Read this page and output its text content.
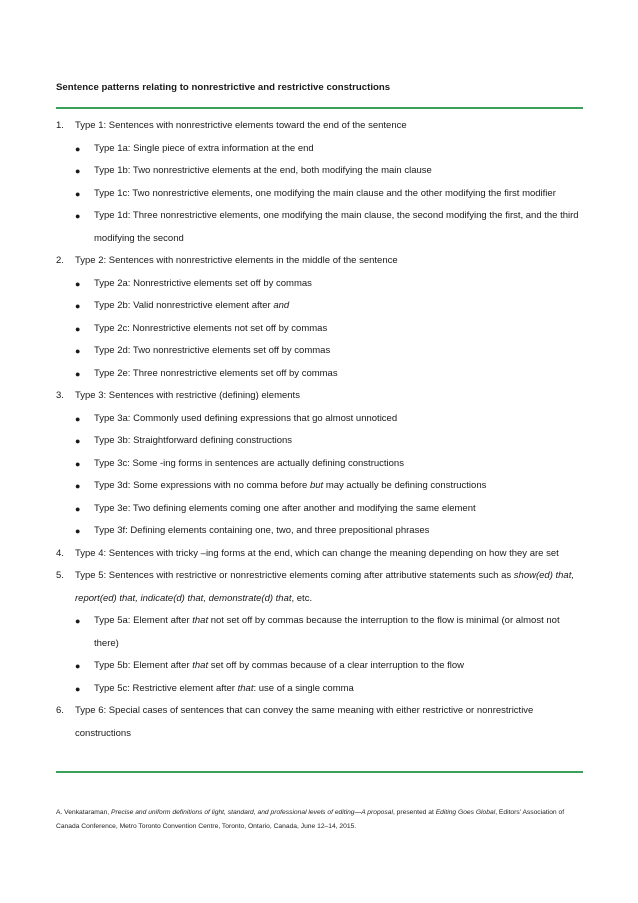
Sentence patterns relating to nonrestrictive and restrictive constructions
1. Type 1: Sentences with nonrestrictive elements toward the end of the sentence
● Type 1a: Single piece of extra information at the end
● Type 1b: Two nonrestrictive elements at the end, both modifying the main clause
● Type 1c: Two nonrestrictive elements, one modifying the main clause and the other modifying the first modifier
● Type 1d: Three nonrestrictive elements, one modifying the main clause, the second modifying the first, and the third modifying the second
2. Type 2: Sentences with nonrestrictive elements in the middle of the sentence
● Type 2a: Nonrestrictive elements set off by commas
● Type 2b: Valid nonrestrictive element after and
● Type 2c: Nonrestrictive elements not set off by commas
● Type 2d: Two nonrestrictive elements set off by commas
● Type 2e: Three nonrestrictive elements set off by commas
3. Type 3: Sentences with restrictive (defining) elements
● Type 3a: Commonly used defining expressions that go almost unnoticed
● Type 3b: Straightforward defining constructions
● Type 3c: Some -ing forms in sentences are actually defining constructions
● Type 3d: Some expressions with no comma before but may actually be defining constructions
● Type 3e: Two defining elements coming one after another and modifying the same element
● Type 3f: Defining elements containing one, two, and three prepositional phrases
4. Type 4: Sentences with tricky –ing forms at the end, which can change the meaning depending on how they are set
5. Type 5: Sentences with restrictive or nonrestrictive elements coming after attributive statements such as show(ed) that, report(ed) that, indicate(d) that, demonstrate(d) that, etc.
● Type 5a: Element after that not set off by commas because the interruption to the flow is minimal (or almost not there)
● Type 5b: Element after that set off by commas because of a clear interruption to the flow
● Type 5c: Restrictive element after that: use of a single comma
6. Type 6: Special cases of sentences that can convey the same meaning with either restrictive or nonrestrictive constructions
A. Venkataraman, Precise and uniform definitions of light, standard, and professional levels of editing—A proposal, presented at Editing Goes Global, Editors’ Association of Canada Conference, Metro Toronto Convention Centre, Toronto, Ontario, Canada, June 12–14, 2015.
